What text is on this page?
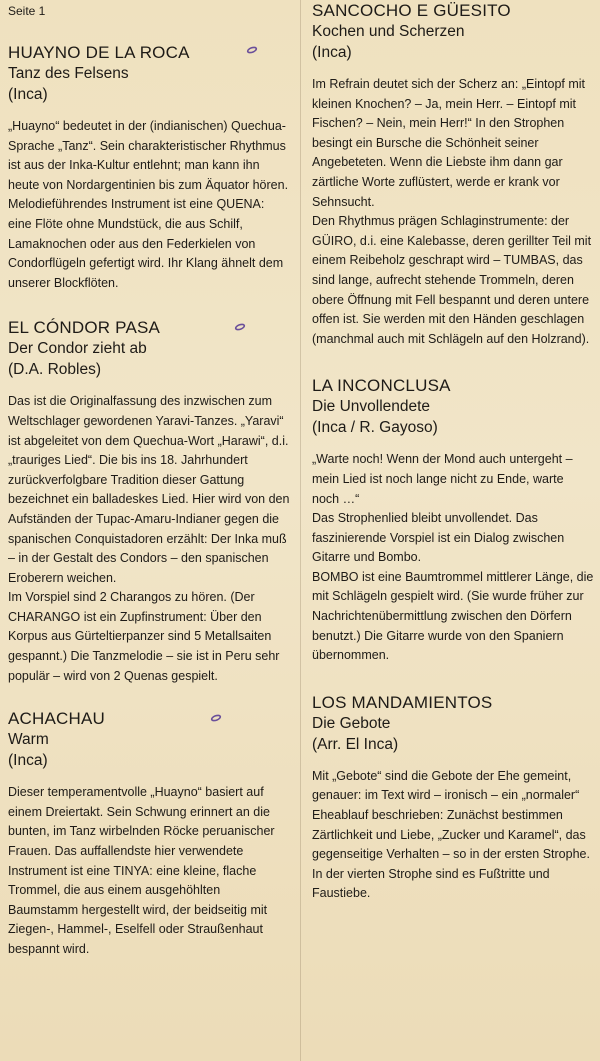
Seite 1
HUAYNO DE LA ROCA
Tanz des Felsens
(Inca)

„Huayno“ bedeutet in der (indianischen) Quechua-Sprache „Tanz“. Sein charakteristischer Rhythmus ist aus der Inka-Kultur entlehnt; man kann ihn heute von Nordargentinien bis zum Äquator hören. Melodieführendes Instrument ist eine QUENA: eine Flöte ohne Mundstück, die aus Schilf, Lamaknochen oder aus den Federkielen von Condorflügeln gefertigt wird. Ihr Klang ähnelt dem unserer Blockflöten.

EL CÓNDOR PASA
Der Condor zieht ab
(D.A. Robles)

Das ist die Originalfassung des inzwischen zum Weltschlager gewordenen Yaravi-Tanzes. „Yaravi“ ist abgeleitet von dem Quechua-Wort „Harawi“, d.i. „trauriges Lied“. Die bis ins 18. Jahrhundert zurückverfolgbare Tradition dieser Gattung bezeichnet ein balladeskes Lied. Hier wird von den Aufständen der Tupac-Amaru-Indianer gegen die spanischen Conquistadoren erzählt: Der Inka muß – in der Gestalt des Condors – den spanischen Eroberern weichen.

Im Vorspiel sind 2 Charangos zu hören. (Der CHARANGO ist ein Zupfinstrument: Über den Korpus aus Gürteltierpanzer sind 5 Metallsaiten gespannt.) Die Tanzmelodie – sie ist in Peru sehr populär – wird von 2 Quenas gespielt.

ACHACHAU
Warm
(Inca)

Dieser temperamentvolle „Huayno“ basiert auf einem Dreiertakt. Sein Schwung erinnert an die bunten, im Tanz wirbelnden Röcke peruanischer Frauen. Das auffallendste hier verwendete Instrument ist eine TINYA: eine kleine, flache Trommel, die aus einem ausgehöhlten Baumstamm hergestellt wird, der beidseitig mit Ziegen-, Hammel-, Eselfell oder Straußenhaut bespannt wird.

SANCOCHO E GÜESITO
Kochen und Scherzen
(Inca)

Im Refrain deutet sich der Scherz an: „Eintopf mit kleinen Knochen? – Ja, mein Herr. – Eintopf mit Fischen? – Nein, mein Herr!“ In den Strophen besingt ein Bursche die Schönheit seiner Angebeteten. Wenn die Liebste ihm dann gar zärtliche Worte zuflüstert, werde er krank vor Sehnsucht.

Den Rhythmus prägen Schlaginstrumente: der GÜIRO, d.i. eine Kalebasse, deren gerillter Teil mit einem Reibeholz geschrapt wird – TUMBAS, das sind lange, aufrecht stehende Trommeln, deren obere Öffnung mit Fell bespannt und deren untere offen ist. Sie werden mit den Händen geschlagen (manchmal auch mit Schlägeln auf den Holzrand).

LA INCONCLUSA
Die Unvollendete
(Inca / R. Gayoso)

„Warte noch! Wenn der Mond auch untergeht – mein Lied ist noch lange nicht zu Ende, warte noch …“

Das Strophenlied bleibt unvollendet. Das faszinierende Vorspiel ist ein Dialog zwischen Gitarre und Bombo.

BOMBO ist eine Baumtrommel mittlerer Länge, die mit Schlägeln gespielt wird. (Sie wurde früher zur Nachrichtenübermittlung zwischen den Dörfern benutzt.) Die Gitarre wurde von den Spaniern übernommen.

LOS MANDAMIENTOS
Die Gebote
(Arr. El Inca)

Mit „Gebote“ sind die Gebote der Ehe gemeint, genauer: im Text wird – ironisch – ein „normaler“ Eheablauf beschrieben: Zunächst bestimmen Zärtlichkeit und Liebe, „Zucker und Karamel“, das gegenseitige Verhalten – so in der ersten Strophe. In der vierten Strophe sind es Fußtritte und Faustiebe.
